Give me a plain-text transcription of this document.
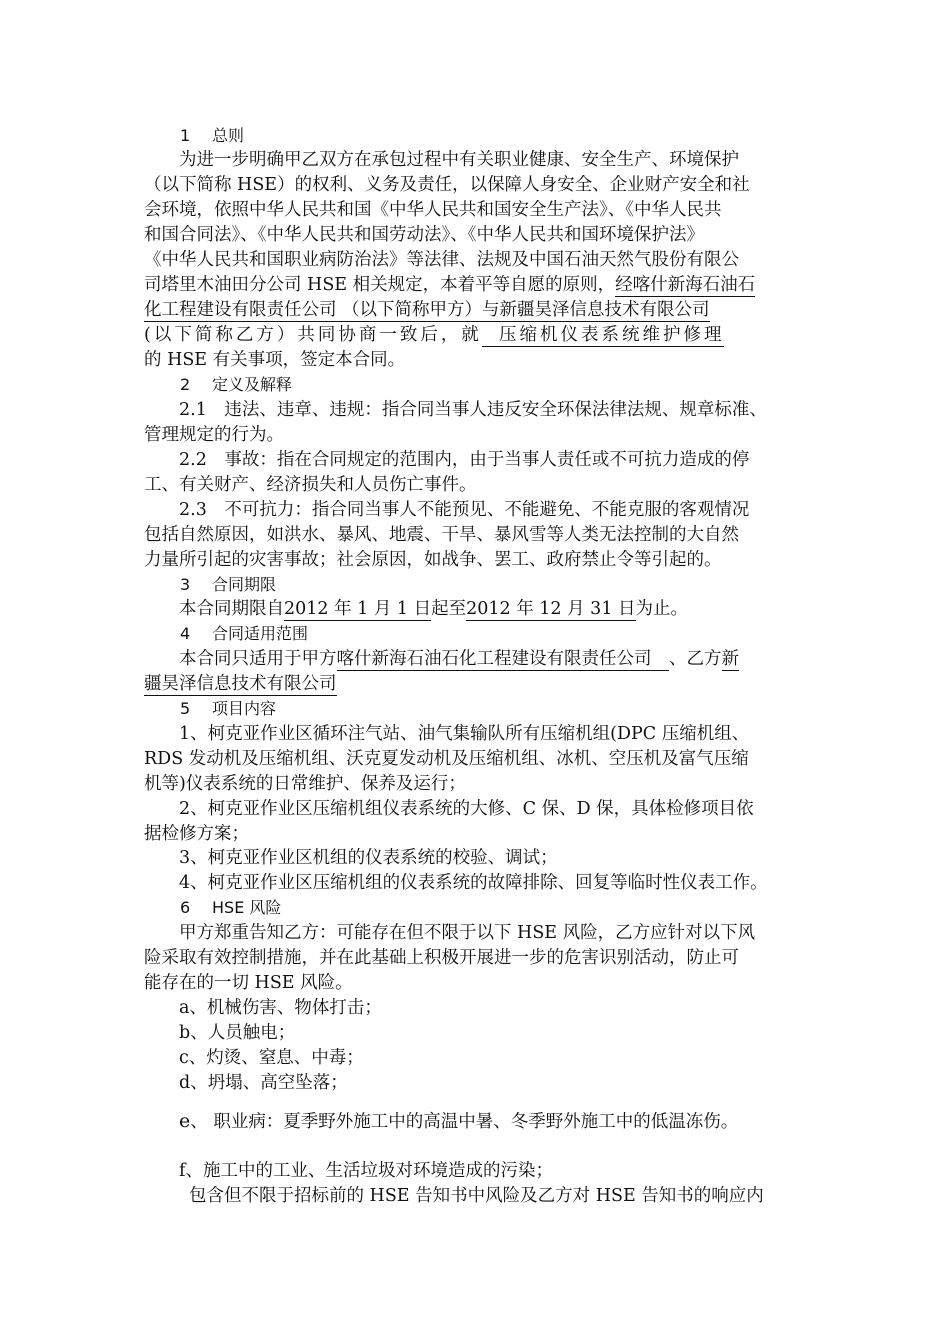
1 总则
为进一步明确甲乙双方在承包过程中有关职业健康、安全生产、环境保护
（以下简称 HSE）的权利、义务及责任，以保障人身安全、企业财产安全和社
会环境，依照中华人民共和国《中华人民共和国安全生产法》、《中华人民共
和国合同法》、《中华人民共和国劳动法》、《中华人民共和国环境保护法》
《中华人民共和国职业病防治法》等法律、法规及中国石油天然气股份有限公
司塔里木油田分公司 HSE 相关规定，本着平等自愿的原则，经喀什新海石油石
化工程建设有限责任公司 （以下简称甲方）与新疆昊泽信息技术有限公司
(以下简称乙方）共同协商一致后，就  压缩机仪表系统维护修理
的 HSE 有关事项，签定本合同。
2 定义及解释
2.1　违法、违章、违规：指合同当事人违反安全环保法律法规、规章标准、
管理规定的行为。
2.2　事故：指在合同规定的范围内，由于当事人责任或不可抗力造成的停
工、有关财产、经济损失和人员伤亡事件。
2.3　不可抗力：指合同当事人不能预见、不能避免、不能克服的客观情况
包括自然原因，如洪水、暴风、地震、干旱、暴风雪等人类无法控制的大自然
力量所引起的灾害事故；社会原因，如战争、罢工、政府禁止令等引起的。
3 合同期限
本合同期限自2012 年 1 月 1 日起至2012 年 12 月 31 日为止。
4 合同适用范围
本合同只适用于甲方喀什新海石油石化工程建设有限责任公司　、乙方新
疆昊泽信息技术有限公司
5 项目内容
1、柯克亚作业区循环注气站、油气集输队所有压缩机组(DPC 压缩机组、
RDS 发动机及压缩机组、沃克夏发动机及压缩机组、冰机、空压机及富气压缩
机等)仪表系统的日常维护、保养及运行；
2、柯克亚作业区压缩机组仪表系统的大修、C 保、D 保，具体检修项目依
据检修方案；
3、柯克亚作业区机组的仪表系统的校验、调试；
4、柯克亚作业区压缩机组的仪表系统的故障排除、回复等临时性仪表工作。
6 HSE 风险
甲方郑重告知乙方：可能存在但不限于以下 HSE 风险，乙方应针对以下风
险采取有效控制措施，并在此基础上积极开展进一步的危害识别活动，防止可
能存在的一切 HSE 风险。
a、机械伤害、物体打击；
b、人员触电；
c、灼烫、窒息、中毒；
d、坍塌、高空坠落；
e、 职业病：夏季野外施工中的高温中暑、冬季野外施工中的低温冻伤。
f、施工中的工业、生活垃圾对环境造成的污染；
包含但不限于招标前的 HSE 告知书中风险及乙方对 HSE 告知书的响应内
